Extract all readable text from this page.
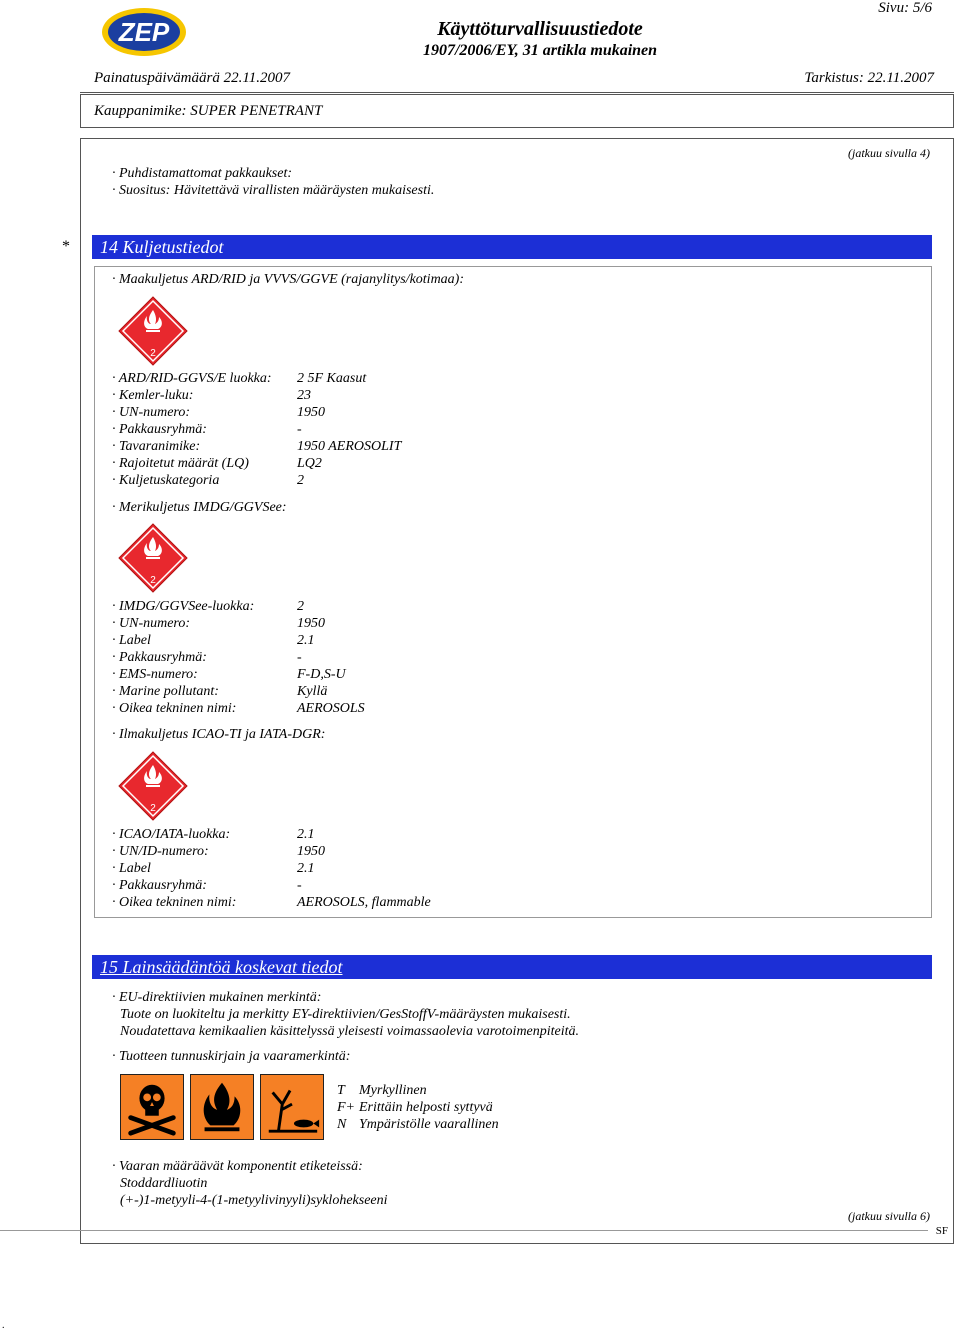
ZEP	Käyttöturvallisuustiedote
1907/2006/EY, 31 artikla mukainen
Sivu: 5/6
Painatuspäivämäärä 22.11.2007	Tarkistus: 22.11.2007
Kauppanimike: SUPER PENETRANT
(jatkuu sivulla 4)
· Puhdistamattomat pakkaukset:
· Suositus: Hävitettävä virallisten määräysten mukaisesti.
*	14 Kuljetustiedot
· Maakuljetus ARD/RID ja VVVS/GGVE (rajanylitys/kotimaa):
2
· ARD/RID-GGVS/E luokka: 2 5F Kaasut
· Kemler-luku:	23
· UN-numero:	1950
· Pakkausryhmä:	-
· Tavaranimike:	1950 AEROSOLIT
· Rajoitetut määrät (LQ)	LQ2
· Kuljetuskategoria	2
· Merikuljetus IMDG/GGVSee:
2
· IMDG/GGVSee-luokka:	2
· UN-numero:	1950
· Label	2.1
· Pakkausryhmä:	-
· EMS-numero:	F-D,S-U
· Marine pollutant:	Kyllä
· Oikea tekninen nimi:	AEROSOLS
· Ilmakuljetus ICAO-TI ja IATA-DGR:
2
· ICAO/IATA-luokka:	2.1
· UN/ID-numero:	1950
· Label	2.1
· Pakkausryhmä:	-
· Oikea tekninen nimi:	AEROSOLS, flammable
15 Lainsäädäntöä koskevat tiedot
· EU-direktiivien mukainen merkintä:
Tuote on luokiteltu ja merkitty EY-direktiivien/GesStoffV-määräysten mukaisesti.
Noudatettava kemikaalien käsittelyssä yleisesti voimassaolevia varotoimenpiteitä.
· Tuotteen tunnuskirjain ja vaaramerkintä:
T Myrkyllinen
F+ Erittäin helposti syttyvä
N Ympäristölle vaarallinen
· Vaaran määräävät komponentit etiketeissä:
Stoddardliuotin
(+-)1-metyyli-4-(1-metyylivinyyli)syklohekseeni
(jatkuu sivulla 6)
SF
.
